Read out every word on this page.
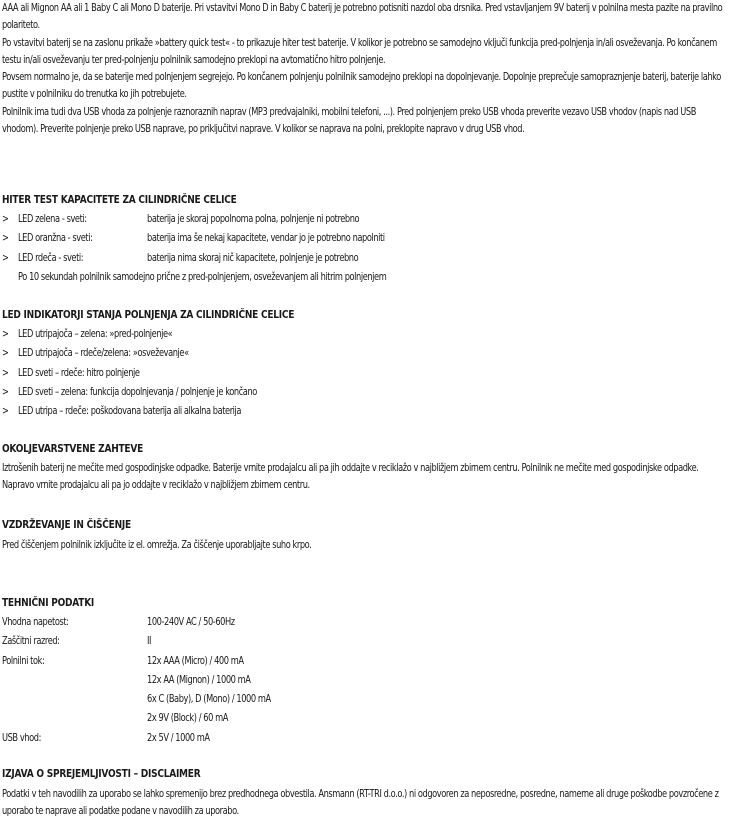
AAA ali Mignon AA ali 1 Baby C ali Mono D baterije. Pri vstavitvi Mono D in Baby C baterij je potrebno potisniti nazdol oba drsnika. Pred vstavljanjem 9V baterij v polnilna mesta pazite na pravilno polariteto.

Po vstavitvi baterij se na zaslonu prikaže »battery quick test« - to prikazuje hiter test baterije. V kolikor je potrebno se samodejno vključi funkcija pred-polnjenja in/ali osveževanja. Po končanem testu in/ali osveževanju ter pred-polnjenju polnilnik samodejno preklopi na avtomatično hitro polnjenje.

Povsem normalno je, da se baterije med polnjenjem segrejejo. Po končanem polnjenju polnilnik samodejno preklopi na dopolnjevanje. Dopolnje preprečuje samopraznjenje baterij, baterije lahko pustite v polnilniku do trenutka ko jih potrebujete.

Polnilnik ima tudi dva USB vhoda za polnjenje raznoraznih naprav (MP3 predvajalniki, mobilni telefoni, ...). Pred polnjenjem preko USB vhoda preverite vezavo USB vhodov (napis nad USB vhodom). Preverite polnjenje preko USB naprave, po priključitvi naprave. V kolikor se naprava na polni, preklopite napravo v drug USB vhod.

HITER TEST KAPACITETE ZA CILINDRIČNE CELICE
> LED zelena - sveti:	baterija je skoraj popolnoma polna, polnjenje ni potrebno
> LED oranžna - sveti:	baterija ima še nekaj kapacitete, vendar jo je potrebno napolniti
> LED rdeča - sveti:	baterija nima skoraj nič kapacitete, polnjenje je potrebno
Po 10 sekundah polnilnik samodejno prične z pred-polnjenjem, osveževanjem ali hitrim polnjenjem
LED INDIKATORJI STANJA POLNJENJA ZA CILINDRIČNE CELICE
> LED utripajoča – zelena: »pred-polnjenje«
> LED utripajoča – rdeče/zelena: »osveževanje«
> LED sveti – rdeče: hitro polnjenje
> LED sveti – zelena: funkcija dopolnjevanja / polnjenje je končano
> LED utripa – rdeče: poškodovana baterija ali alkalna baterija
OKOLJEVARSTVENE ZAHTEVE

Iztrošenih baterij ne mečite med gospodinjske odpadke. Baterije vrnite prodajalcu ali pa jih oddajte v reciklažo v najbližjem zbirnem centru. Polnilnik ne mečite med gospodinjske odpadke. Napravo vrnite prodajalcu ali pa jo oddajte v reciklažo v najbližjem zbirnem centru.

VZDRŽEVANJE IN ČIŠČENJE

Pred čiščenjem polnilnik izključite iz el. omrežja. Za čiščenje uporabljajte suho krpo.

TEHNIČNI PODATKI
Vhodna napetost:	100-240V AC / 50-60Hz
Zaščitni razred:	II
Polnilni tok:	12x AAA (Micro) / 400 mA
12x AA (Mignon) / 1000 mA
6x C (Baby), D (Mono) / 1000 mA
2x 9V (Block) / 60 mA
USB vhod:	2x 5V / 1000 mA
IZJAVA O SPREJEMLJIVOSTI – DISCLAIMER

Podatki v teh navodilih za uporabo se lahko spremenijo brez predhodnega obvestila. Ansmann (RT-TRI d.o.o.) ni odgovoren za neposredne, posredne, namerne ali druge poškodbe povzročene z uporabo te naprave ali podatke podane v navodilih za uporabo.
